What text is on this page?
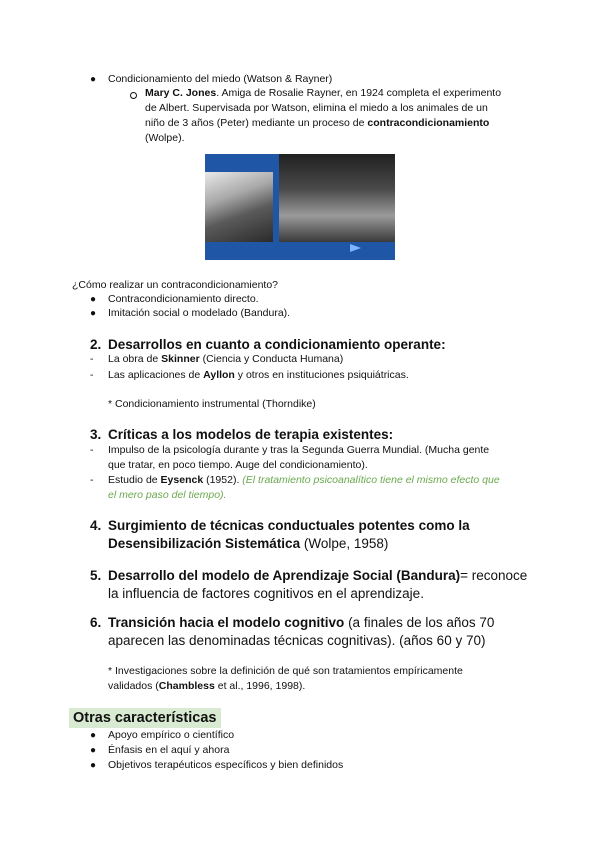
● Condicionamiento del miedo (Watson & Rayner)
Mary C. Jones. Amiga de Rosalie Rayner, en 1924 completa el experimento
de Albert. Supervisada por Watson, elimina el miedo a los animales de un
niño de 3 años (Peter) mediante un proceso de contracondicionamiento
(Wolpe).
¿Cómo realizar un contracondicionamiento?
● Contracondicionamiento directo.
● Imitación social o modelado (Bandura).
2. Desarrollos en cuanto a condicionamiento operante:
- La obra de Skinner (Ciencia y Conducta Humana)
- Las aplicaciones de Ayllon y otros en instituciones psiquiátricas.
* Condicionamiento instrumental (Thorndike)
3. Críticas a los modelos de terapia existentes:
- Impulso de la psicología durante y tras la Segunda Guerra Mundial. (Mucha gente
que tratar, en poco tiempo. Auge del condicionamiento).
- Estudio de Eysenck (1952). (El tratamiento psicoanalítico tiene el mismo efecto que
el mero paso del tiempo).
4. Surgimiento de técnicas conductuales potentes como la
Desensibilización Sistemática (Wolpe, 1958)
5. Desarrollo del modelo de Aprendizaje Social (Bandura)= reconoce
la influencia de factores cognitivos en el aprendizaje.
6. Transición hacia el modelo cognitivo (a finales de los años 70
aparecen las denominadas técnicas cognitivas). (años 60 y 70)
* Investigaciones sobre la definición de qué son tratamientos empíricamente
validados (Chambless et al., 1996, 1998).
Otras características
● Apoyo empírico o científico
● Énfasis en el aquí y ahora
● Objetivos terapéuticos específicos y bien definidos
